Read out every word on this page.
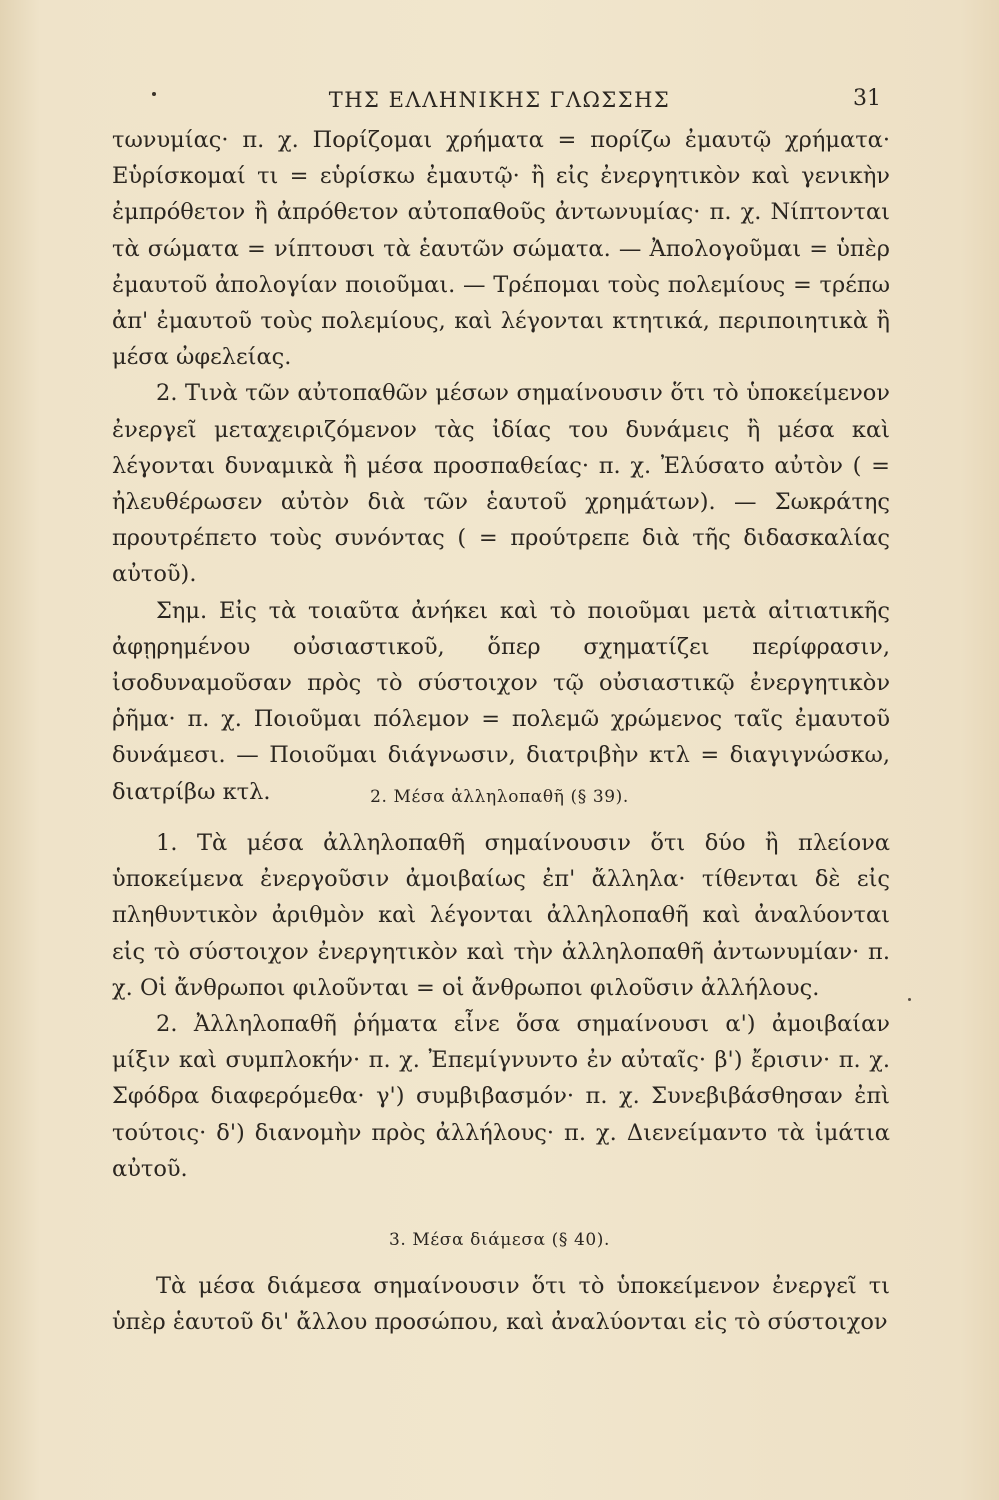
ΤΗΣ ΕΛΛΗΝΙΚΗΣ ΓΛΩΣΣΗΣ	31

τωνυμίας· π. χ. Πορίζομαι χρήματα = πορίζω ἐμαυτῷ χρήματα· Εὑρίσκομαί τι = εὑρίσκω ἐμαυτῷ· ἢ εἰς ἐνεργητικὸν καὶ γενικὴν ἐμπρόθετον ἢ ἀπρόθετον αὐτοπαθοῦς ἀντωνυμίας· π. χ. Νίπτονται τὰ σώματα = νίπτουσι τὰ ἑαυτῶν σώματα. — Ἀπολογοῦμαι = ὑπὲρ ἐμαυτοῦ ἀπολογίαν ποιοῦμαι. — Τρέπομαι τοὺς πολεμίους = τρέπω ἀπ' ἐμαυτοῦ τοὺς πολεμίους, καὶ λέγονται κτητικά, περιποιητικὰ ἢ μέσα ὠφελείας.

2. Τινὰ τῶν αὐτοπαθῶν μέσων σημαίνουσιν ὅτι τὸ ὑποκείμενον ἐνεργεῖ μεταχειριζόμενον τὰς ἰδίας του δυνάμεις ἢ μέσα καὶ λέγονται δυναμικὰ ἢ μέσα προσπαθείας· π. χ. Ἐλύσατο αὐτὸν ( = ἠλευθέρωσεν αὐτὸν διὰ τῶν ἑαυτοῦ χρημάτων). — Σωκράτης προυτρέπετο τοὺς συνόντας ( = προύτρεπε διὰ τῆς διδασκαλίας αὐτοῦ).

Σημ. Εἰς τὰ τοιαῦτα ἀνήκει καὶ τὸ ποιοῦμαι μετὰ αἰτιατικῆς ἀφῃρημένου οὐσιαστικοῦ, ὅπερ σχηματίζει περίφρασιν, ἰσοδυναμοῦσαν πρὸς τὸ σύστοιχον τῷ οὐσιαστικῷ ἐνεργητικὸν ῥῆμα· π. χ. Ποιοῦμαι πόλεμον = πολεμῶ χρώμενος ταῖς ἐμαυτοῦ δυνάμεσι. — Ποιοῦμαι διάγνωσιν, διατριβὴν κτλ = διαγιγνώσκω, διατρίβω κτλ.	2. Μέσα ἀλληλοπαθῆ (§ 39).

1. Τὰ μέσα ἀλληλοπαθῆ σημαίνουσιν ὅτι δύο ἢ πλείονα ὑποκείμενα ἐνεργοῦσιν ἀμοιβαίως ἐπ' ἄλληλα· τίθενται δὲ εἰς πληθυντικὸν ἀριθμὸν καὶ λέγονται ἀλληλοπαθῆ καὶ ἀναλύονται εἰς τὸ σύστοιχον ἐνεργητικὸν καὶ τὴν ἀλληλοπαθῆ ἀντωνυμίαν· π. χ. Οἱ ἄνθρωποι φιλοῦνται = οἱ ἄνθρωποι φιλοῦσιν ἀλλήλους.

2. Ἀλληλοπαθῆ ῥήματα εἶνε ὅσα σημαίνουσι α') ἀμοιβαίαν μίξιν καὶ συμπλοκήν· π. χ. Ἐπεμίγνυντο ἐν αὐταῖς· β') ἔρισιν· π. χ. Σφόδρα διαφερόμεθα· γ') συμβιβασμόν· π. χ. Συνεβιβάσθησαν ἐπὶ τούτοις· δ') διανομὴν πρὸς ἀλλήλους· π. χ. Διενείμαντο τὰ ἱμάτια αὐτοῦ.

3. Μέσα διάμεσα (§ 40).

Τὰ μέσα διάμεσα σημαίνουσιν ὅτι τὸ ὑποκείμενον ἐνεργεῖ τι ὑπὲρ ἑαυτοῦ δι' ἄλλου προσώπου, καὶ ἀναλύονται εἰς τὸ σύστοιχον
